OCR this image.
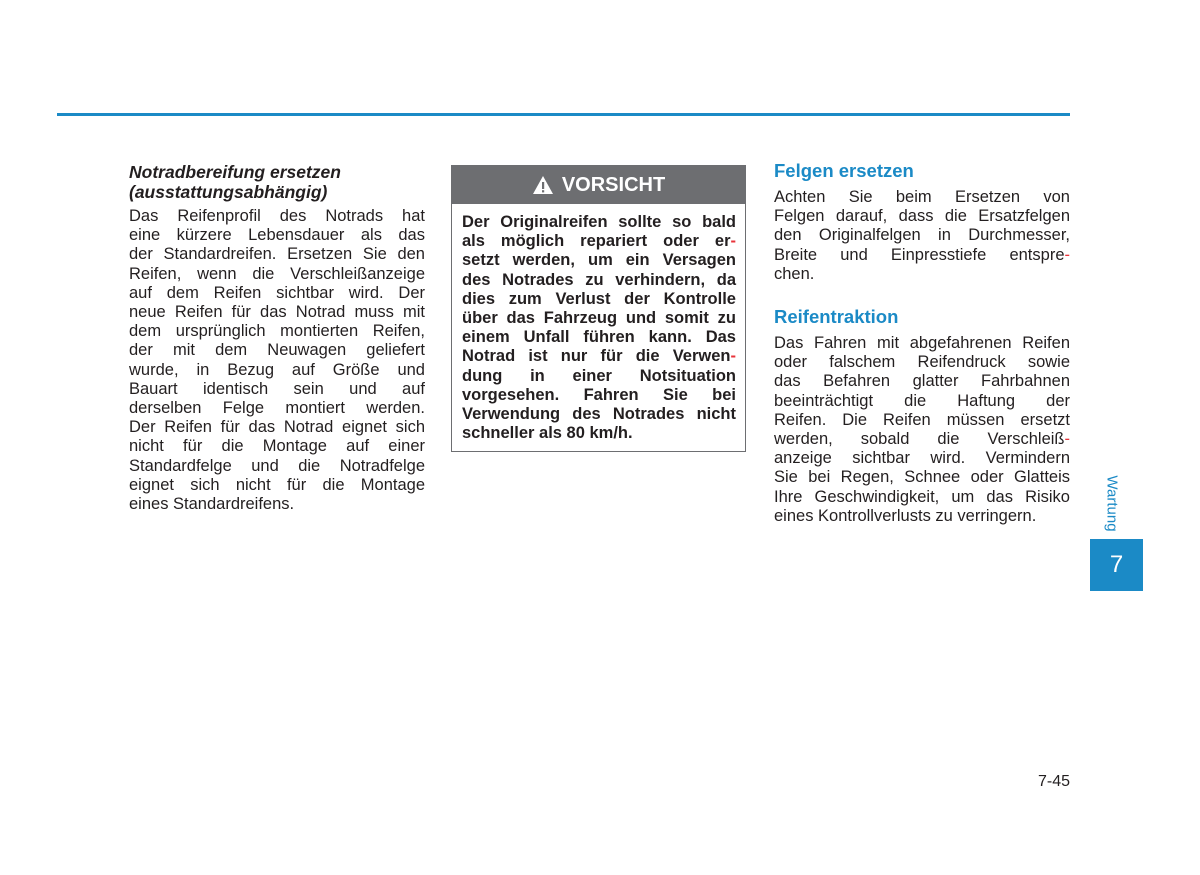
Notradbereifung ersetzen
(ausstattungsabhängig)
Das Reifenprofil des Notrads hat
eine kürzere Lebensdauer als das
der Standardreifen. Ersetzen Sie den
Reifen, wenn die Verschleißanzeige
auf dem Reifen sichtbar wird. Der
neue Reifen für das Notrad muss mit
dem ursprünglich montierten Reifen,
der mit dem Neuwagen geliefert
wurde, in Bezug auf Größe und
Bauart identisch sein und auf
derselben Felge montiert werden.
Der Reifen für das Notrad eignet sich
nicht für die Montage auf einer
Standardfelge und die Notradfelge
eignet sich nicht für die Montage
eines Standardreifens.
VORSICHT
Der Originalreifen sollte so bald
als möglich repariert oder er-
setzt werden, um ein Versagen
des Notrades zu verhindern, da
dies zum Verlust der Kontrolle
über das Fahrzeug und somit zu
einem Unfall führen kann. Das
Notrad ist nur für die Verwen-
dung in einer Notsituation
vorgesehen. Fahren Sie bei
Verwendung des Notrades nicht
schneller als 80 km/h.
Felgen ersetzen
Achten Sie beim Ersetzen von
Felgen darauf, dass die Ersatzfelgen
den Originalfelgen in Durchmesser,
Breite und Einpresstiefe entspre-
chen.
Reifentraktion
Das Fahren mit abgefahrenen Reifen
oder falschem Reifendruck sowie
das Befahren glatter Fahrbahnen
beeinträchtigt die Haftung der
Reifen. Die Reifen müssen ersetzt
werden, sobald die Verschleiß-
anzeige sichtbar wird. Vermindern
Sie bei Regen, Schnee oder Glatteis
Ihre Geschwindigkeit, um das Risiko
eines Kontrollverlusts zu verringern.	Wartung
7
7-45
